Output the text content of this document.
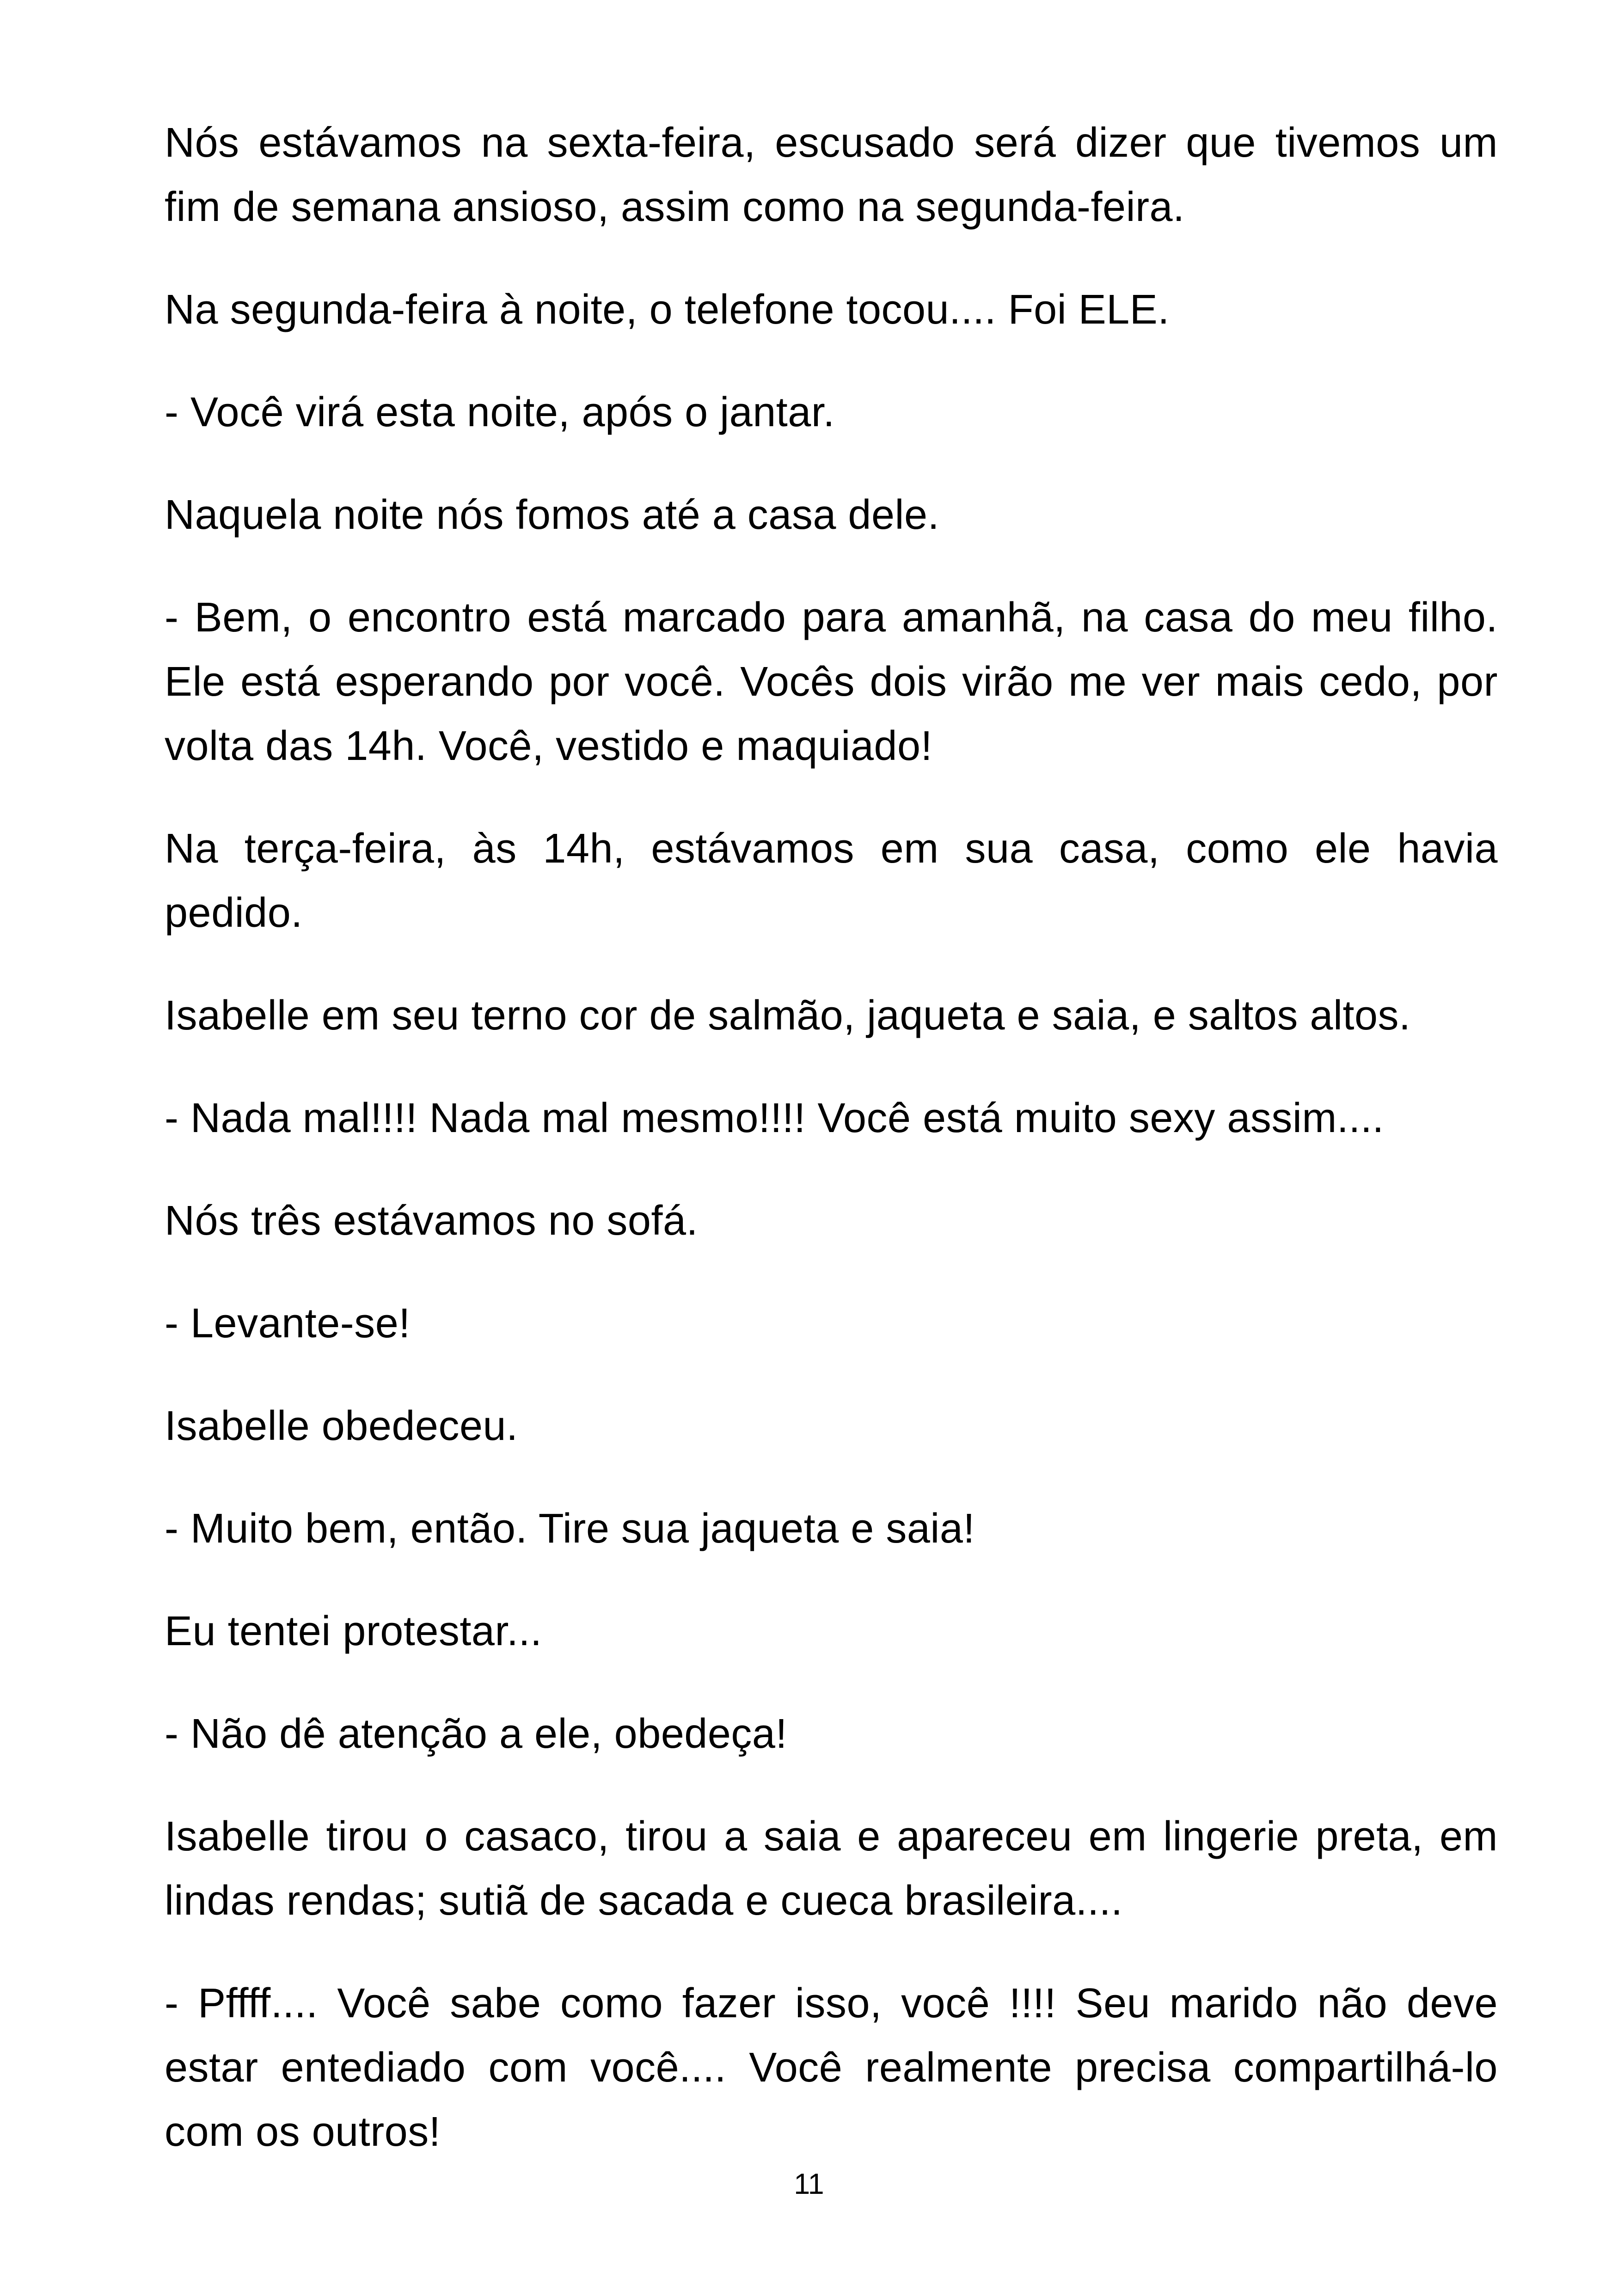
Nós estávamos na sexta-feira, escusado será dizer que tivemos um fim de semana ansioso, assim como na segunda-feira.

Na segunda-feira à noite, o telefone tocou.... Foi ELE.

- Você virá esta noite, após o jantar.

Naquela noite nós fomos até a casa dele.

- Bem, o encontro está marcado para amanhã, na casa do meu filho. Ele está esperando por você. Vocês dois virão me ver mais cedo, por volta das 14h. Você, vestido e maquiado!

Na terça-feira, às 14h, estávamos em sua casa, como ele havia pedido.

Isabelle em seu terno cor de salmão, jaqueta e saia, e saltos altos.

- Nada mal!!!! Nada mal mesmo!!!! Você está muito sexy assim....

Nós três estávamos no sofá.

- Levante-se!

Isabelle obedeceu.

- Muito bem, então. Tire sua jaqueta e saia!

Eu tentei protestar...

- Não dê atenção a ele, obedeça!

Isabelle tirou o casaco, tirou a saia e apareceu em lingerie preta, em lindas rendas; sutiã de sacada e cueca brasileira....

- Pffff.... Você sabe como fazer isso, você !!!! Seu marido não deve estar entediado com você.... Você realmente precisa compartilhá-lo com os outros!

11
